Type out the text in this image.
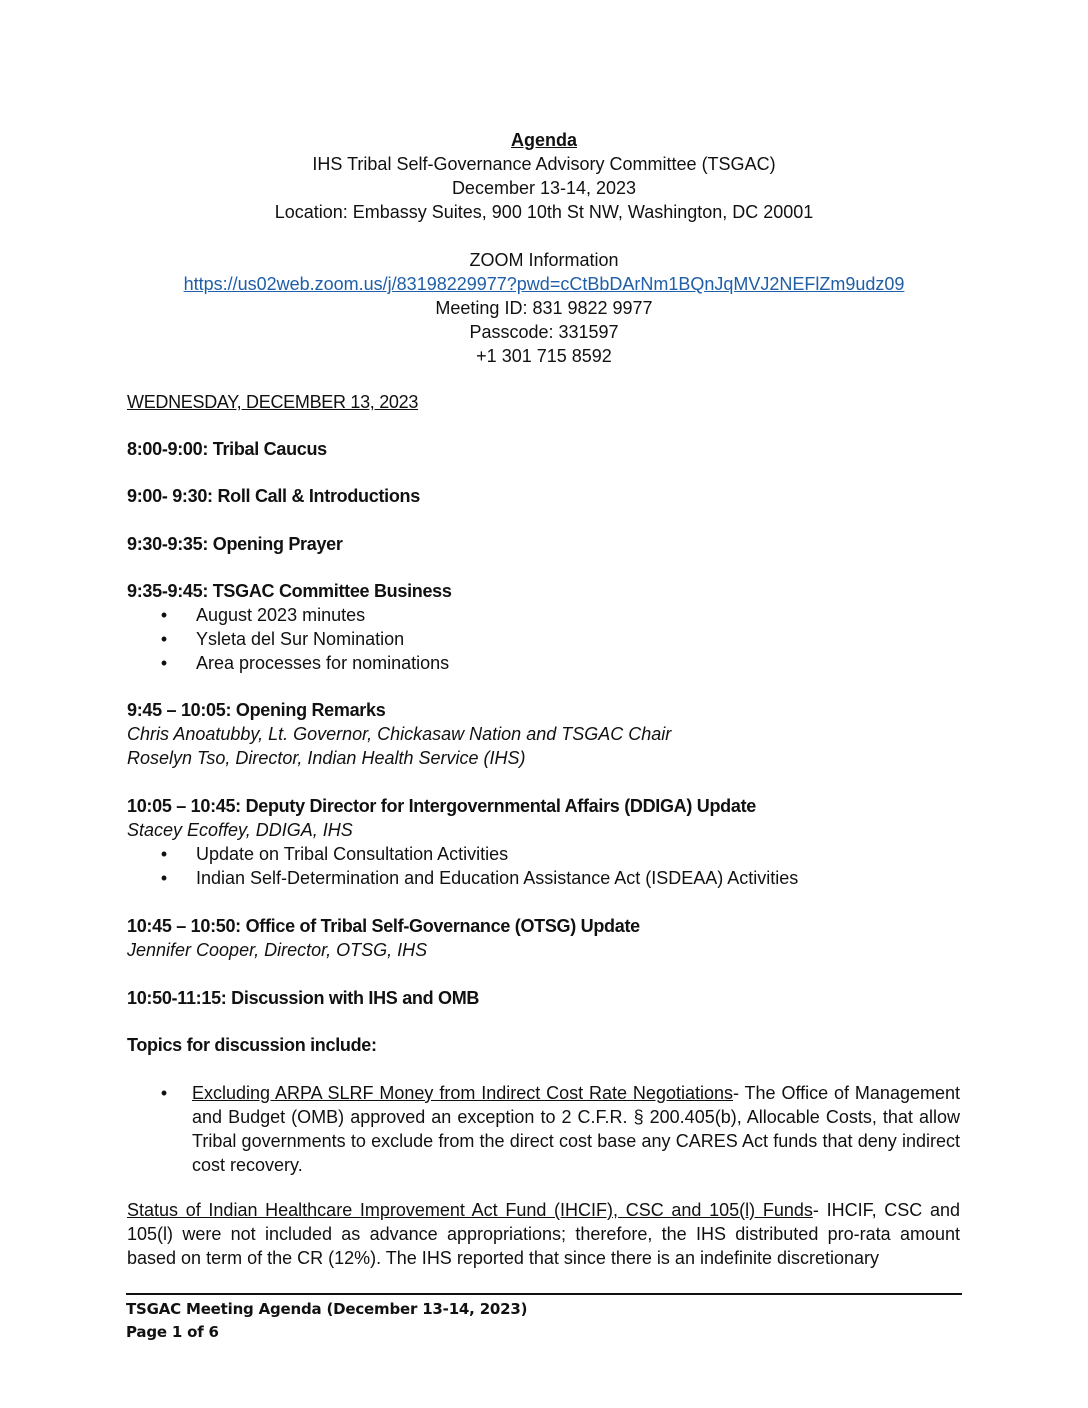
Agenda
IHS Tribal Self-Governance Advisory Committee (TSGAC)
December 13-14, 2023
Location: Embassy Suites, 900 10th St NW, Washington, DC 20001
ZOOM Information
https://us02web.zoom.us/j/83198229977?pwd=cCtBbDArNm1BQnJqMVJ2NEFlZm9udz09
Meeting ID: 831 9822 9977
Passcode: 331597
+1 301 715 8592
WEDNESDAY, DECEMBER 13, 2023
8:00-9:00: Tribal Caucus
9:00- 9:30: Roll Call & Introductions
9:30-9:35: Opening Prayer
9:35-9:45: TSGAC Committee Business
• August 2023 minutes
• Ysleta del Sur Nomination
• Area processes for nominations
9:45 – 10:05: Opening Remarks
Chris Anoatubby, Lt. Governor, Chickasaw Nation and TSGAC Chair
Roselyn Tso, Director, Indian Health Service (IHS)
10:05 – 10:45: Deputy Director for Intergovernmental Affairs (DDIGA) Update
Stacey Ecoffey, DDIGA, IHS
• Update on Tribal Consultation Activities
• Indian Self-Determination and Education Assistance Act (ISDEAA) Activities
10:45 – 10:50: Office of Tribal Self-Governance (OTSG) Update
Jennifer Cooper, Director, OTSG, IHS
10:50-11:15: Discussion with IHS and OMB
Topics for discussion include:
• Excluding ARPA SLRF Money from Indirect Cost Rate Negotiations- The Office of Management and Budget (OMB) approved an exception to 2 C.F.R. § 200.405(b), Allocable Costs, that allow Tribal governments to exclude from the direct cost base any CARES Act funds that deny indirect cost recovery.
Status of Indian Healthcare Improvement Act Fund (IHCIF), CSC and 105(l) Funds- IHCIF, CSC and 105(l) were not included as advance appropriations; therefore, the IHS distributed pro-rata amount based on term of the CR (12%). The IHS reported that since there is an indefinite discretionary
TSGAC Meeting Agenda (December 13-14, 2023)
Page 1 of 6
